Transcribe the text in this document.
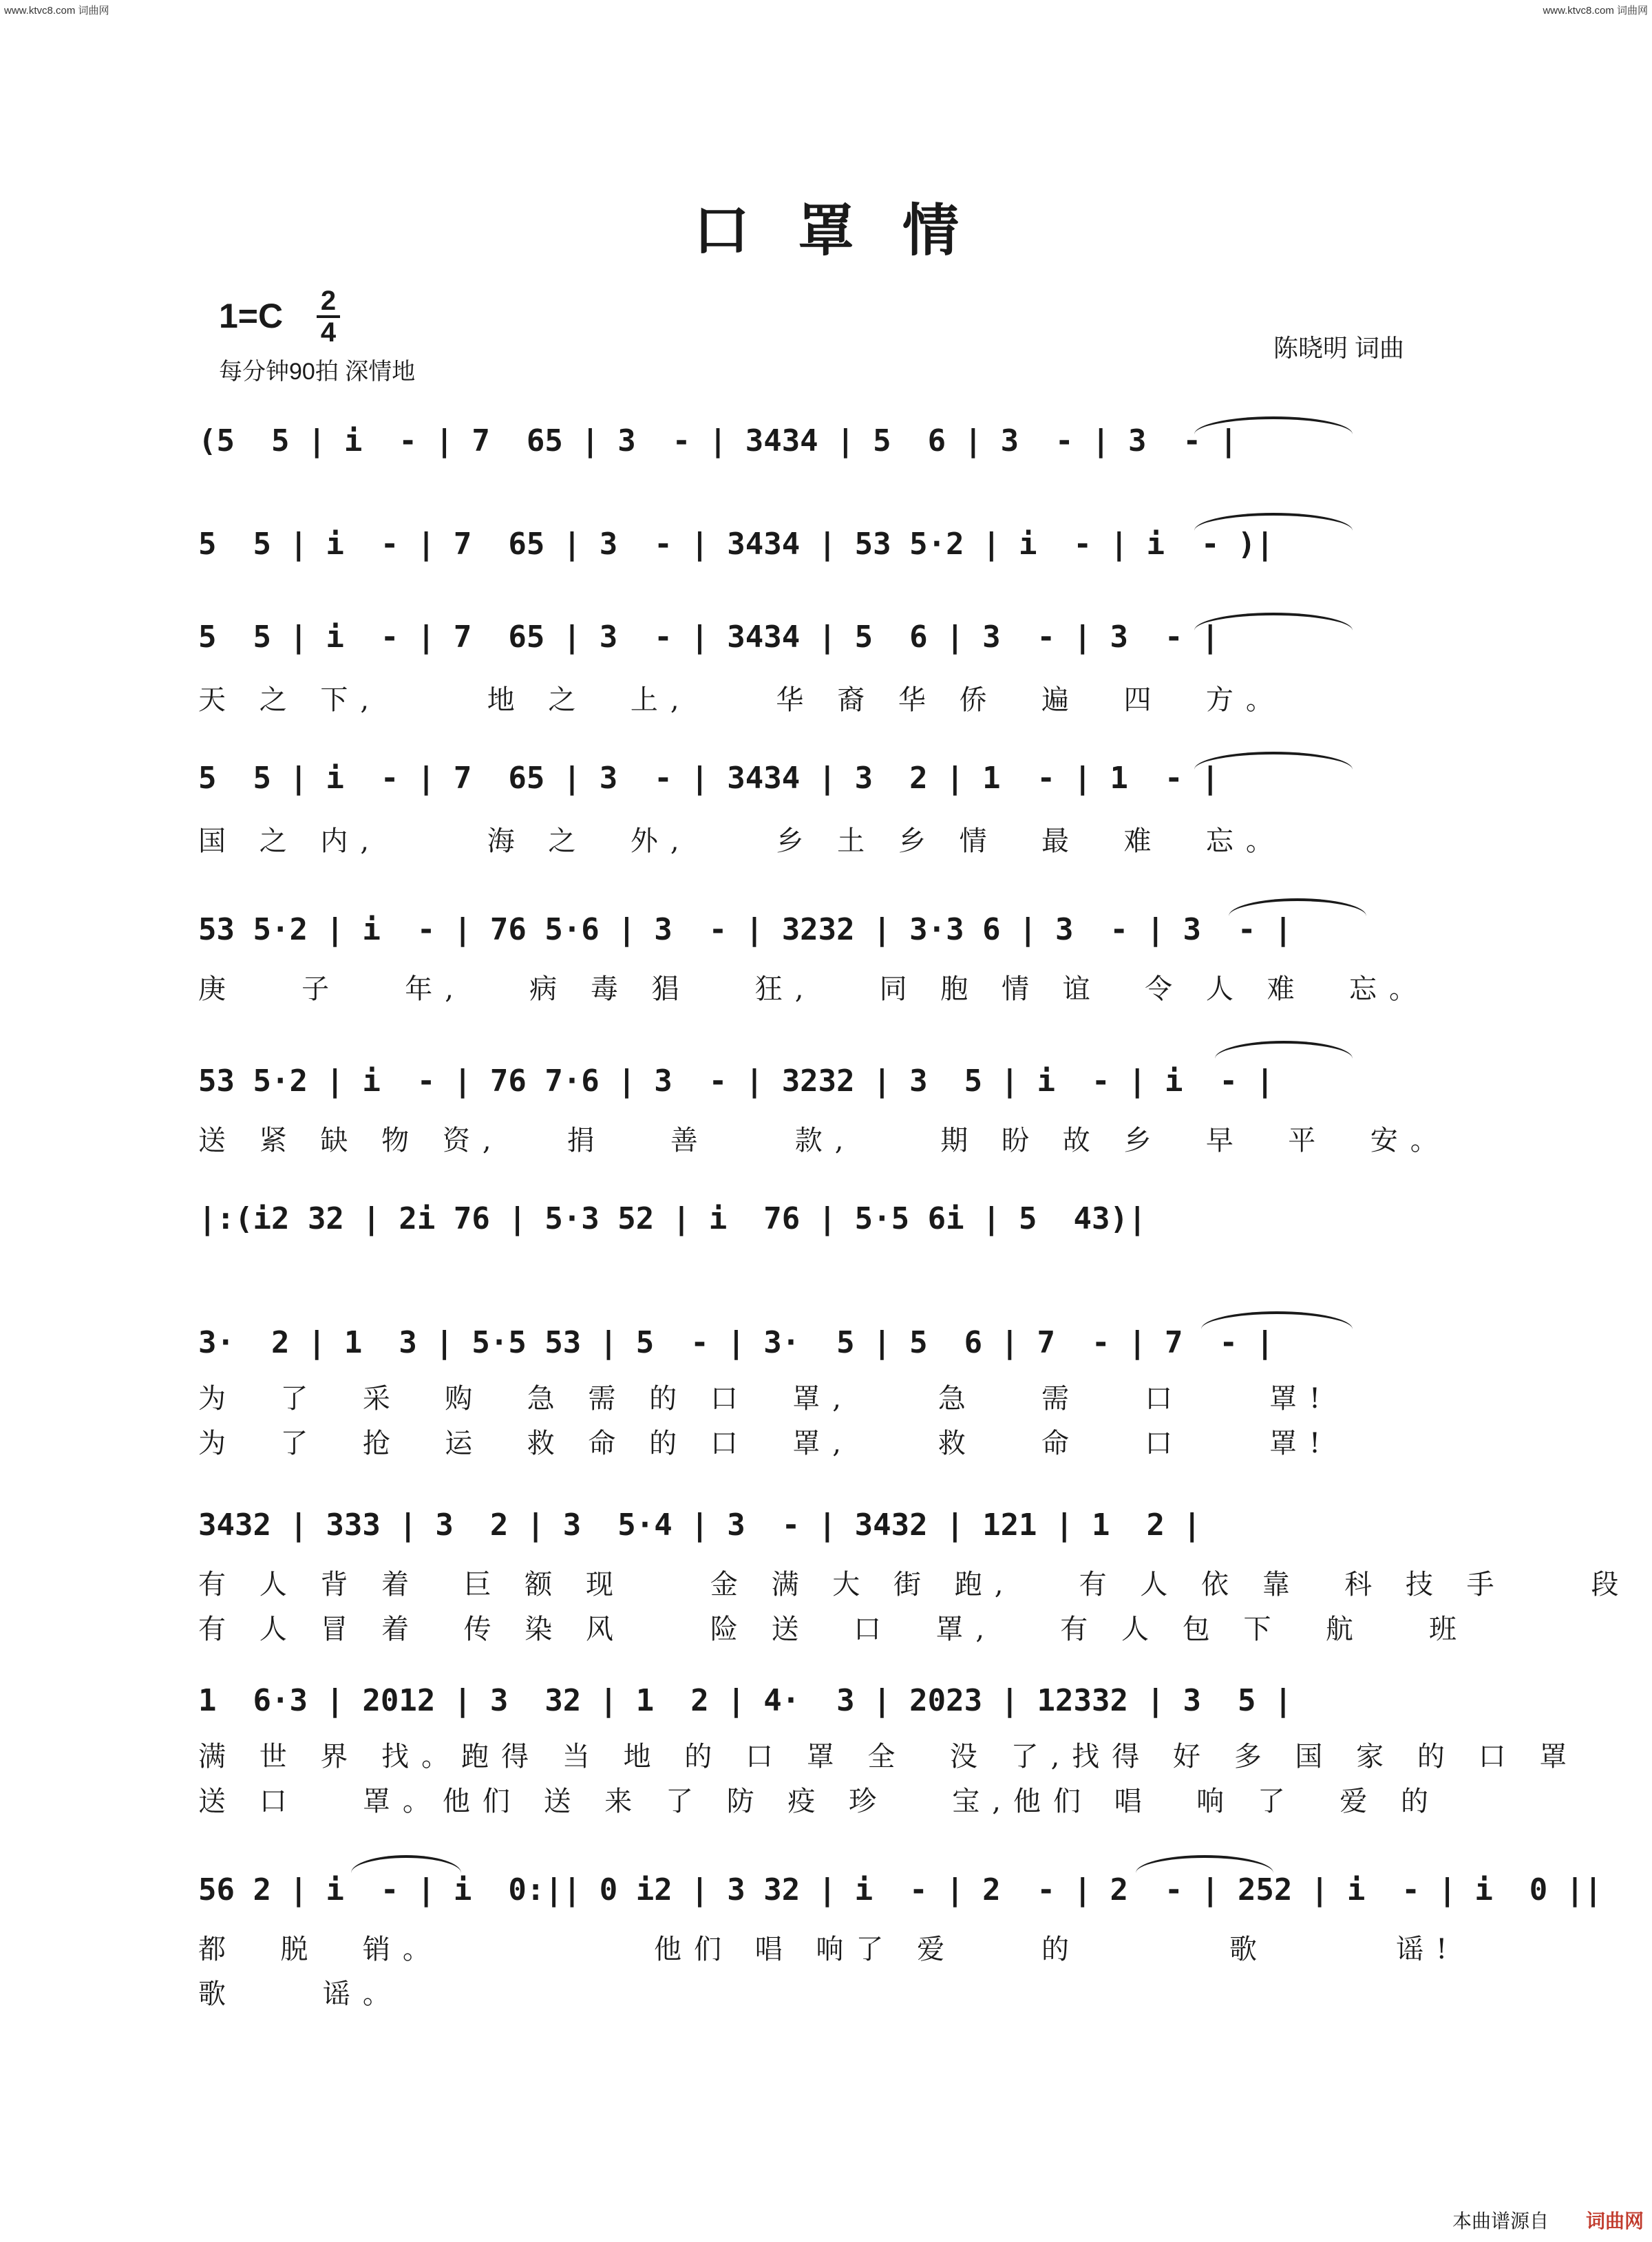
www.ktvc8.com 词曲网	www.ktvc8.com 词曲网
口罩情
1=C 2
4
每分钟90拍 深情地
陈晓明 词曲
(5  5 | i  - | 7  65 | 3  - | 3434 | 5  6 | 3  - | 3  - |
5  5 | i  - | 7  65 | 3  - | 3434 | 53 5·2 | i  - | i  - )|
5  5 | i  - | 7  65 | 3  - | 3434 | 5  6 | 3  - | 3  - |
天 之 下,     地 之  上,    华 裔 华 侨  遍  四  方。
5  5 | i  - | 7  65 | 3  - | 3434 | 3  2 | 1  - | 1  - |
国 之 内,     海 之  外,    乡 土 乡 情  最  难  忘。
53 5·2 | i  - | 76 5·6 | 3  - | 3232 | 3·3 6 | 3  - | 3  - |
庚   子   年,   病 毒 猖   狂,   同 胞 情 谊  令 人 难  忘。
53 5·2 | i  - | 76 7·6 | 3  - | 3232 | 3  5 | i  - | i  - |
送 紧 缺 物 资,   捐   善    款,    期 盼 故 乡  早  平  安。
|:(i2 32 | 2i 76 | 5·3 52 | i  76 | 5·5 6i | 5  43)|
3·  2 | 1  3 | 5·5 53 | 5  - | 3·  5 | 5  6 | 7  - | 7  - |
为  了  采  购  急 需 的 口  罩,    急   需   口    罩!
为  了  抢  运  救 命 的 口  罩,    救   命   口    罩!
3432 | 333 | 3  2 | 3  5·4 | 3  - | 3432 | 121 | 1  2 |
有 人 背 着  巨 额 现    金 满 大 街 跑,   有 人 依 靠  科 技 手    段
有 人 冒 着  传 染 风    险 送  口  罩,   有 人 包 下  航   班
1  6·3 | 2012 | 3  32 | 1  2 | 4·  3 | 2023 | 12332 | 3  5 |
满 世 界 找。跑得 当 地 的 口 罩 全  没 了,找得 好 多 国 家 的 口 罩
送 口   罩。他们 送 来 了 防 疫 珍   宝,他们 唱  响 了  爱 的
56 2 | i  - | i  0:|| 0 i2 | 3 32 | i  - | 2  - | 2  - | 252 | i  - | i  0 ||
都  脱  销。          他们 唱 响了 爱    的       歌      谣!
歌    谣。
本曲谱源自 词曲网
